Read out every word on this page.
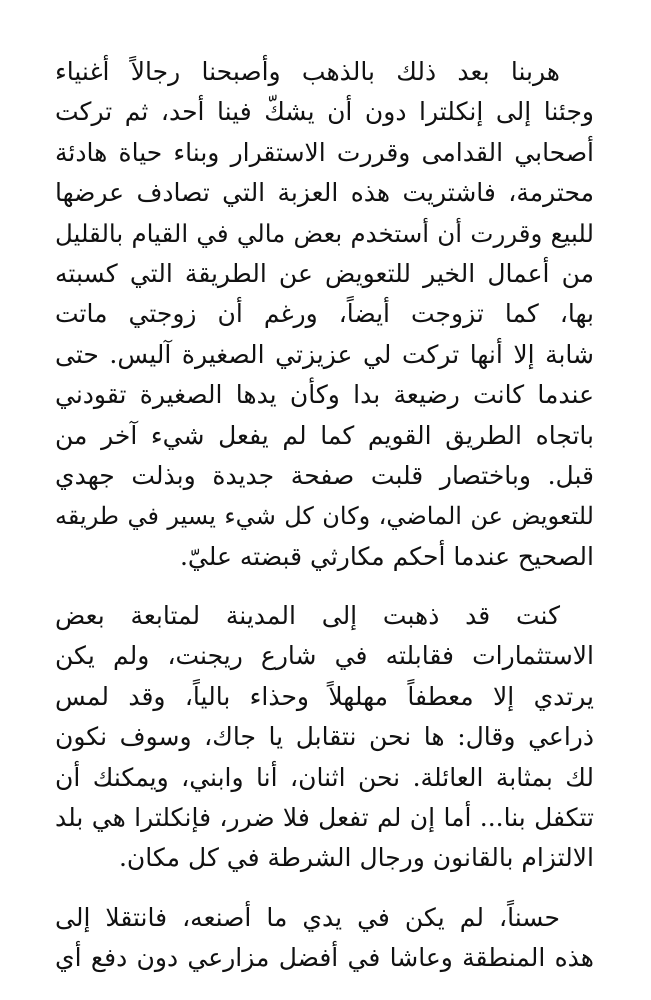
هربنا بعد ذلك بالذهب وأصبحنا رجالاً أغنياء
وجئنا إلى إنكلترا دون أن يشكّ فينا أحد، ثم تركت
أصحابي القدامى وقررت الاستقرار وبناء حياة هادئة
محترمة، فاشتريت هذه العزبة التي تصادف عرضها
للبيع وقررت أن أستخدم بعض مالي في القيام بالقليل
من أعمال الخير للتعويض عن الطريقة التي كسبته
بها، كما تزوجت أيضاً، ورغم أن زوجتي ماتت
شابة إلا أنها تركت لي عزيزتي الصغيرة آليس. حتى
عندما كانت رضيعة بدا وكأن يدها الصغيرة تقودني
باتجاه الطريق القويم كما لم يفعل شيء آخر من
قبل. وباختصار قلبت صفحة جديدة وبذلت جهدي
للتعويض عن الماضي، وكان كل شيء يسير في طريقه
الصحيح عندما أحكم مكارثي قبضته عليّ.

كنت قد ذهبت إلى المدينة لمتابعة بعض
الاستثمارات فقابلته في شارع ريجنت، ولم يكن
يرتدي إلا معطفاً مهلهلاً وحذاء بالياً، وقد لمس
ذراعي وقال: ها نحن نتقابل يا جاك، وسوف نكون
لك بمثابة العائلة. نحن اثنان، أنا وابني، ويمكنك أن
تتكفل بنا... أما إن لم تفعل فلا ضرر، فإنكلترا هي بلد
الالتزام بالقانون ورجال الشرطة في كل مكان.

حسناً، لم يكن في يدي ما أصنعه، فانتقلا إلى
هذه المنطقة وعاشا في أفضل مزارعي دون دفع أي
